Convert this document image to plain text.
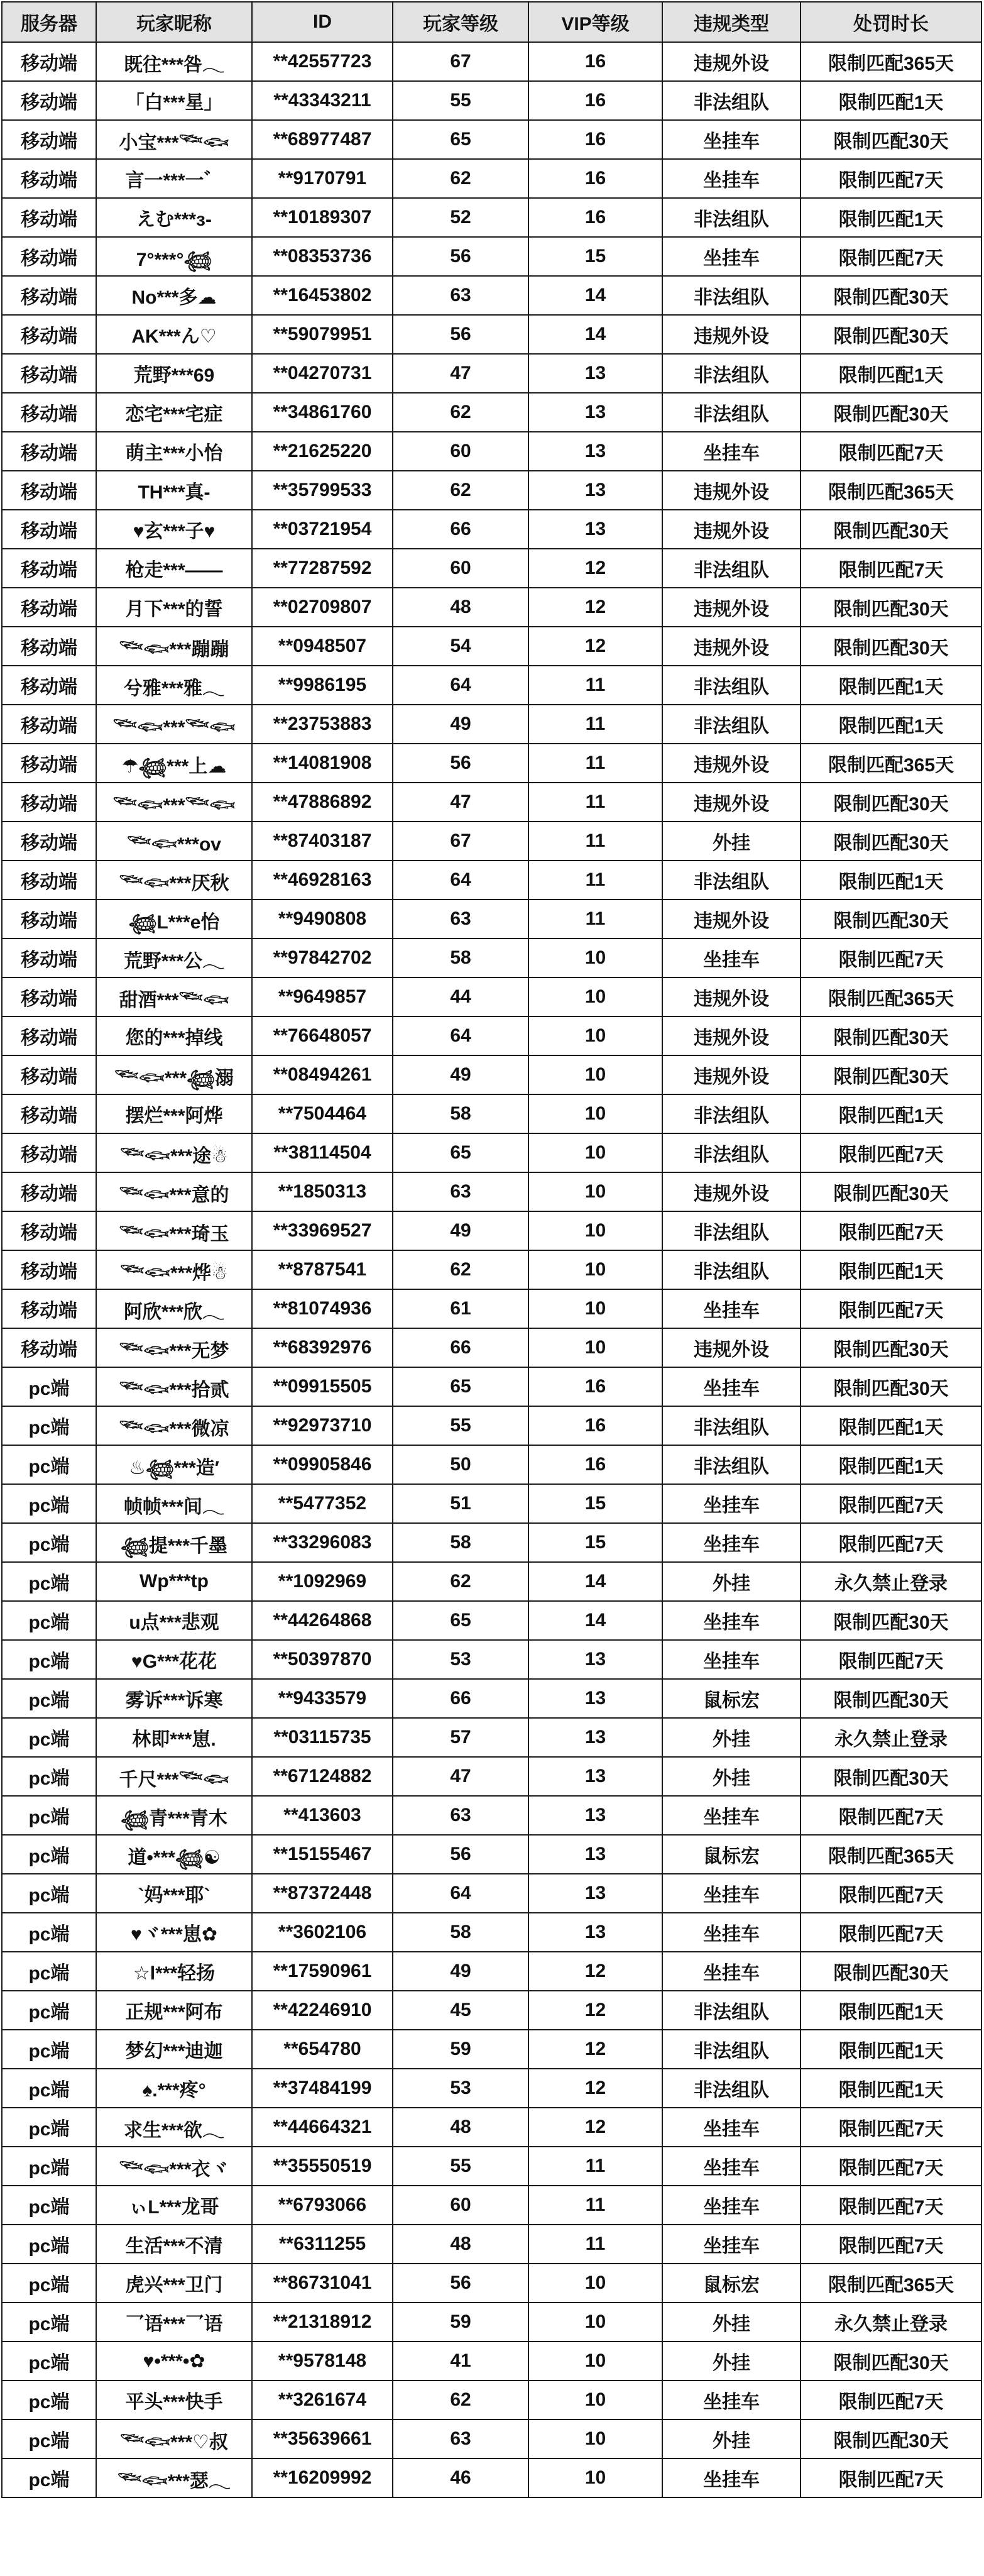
服务器	玩家昵称	ID	玩家等级	VIP等级	违规类型	处罚时长
移动端	既往***咎𓂃	**42557723	67	16	违规外设	限制匹配365天
移动端	「白***星」	**43343211	55	16	非法组队	限制匹配1天
移动端	小宝***𓆝𓆟	**68977487	65	16	坐挂车	限制匹配30天
移动端	言一***一゛	**9170791	62	16	坐挂车	限制匹配7天
移动端	えむ***з-	**10189307	52	16	非法组队	限制匹配1天
移动端	7°***°𓆉	**08353736	56	15	坐挂车	限制匹配7天
移动端	No***多☁	**16453802	63	14	非法组队	限制匹配30天
移动端	AK***ん♡	**59079951	56	14	违规外设	限制匹配30天
移动端	荒野***69	**04270731	47	13	非法组队	限制匹配1天
移动端	恋宅***宅症	**34861760	62	13	非法组队	限制匹配30天
移动端	萌主***小怡	**21625220	60	13	坐挂车	限制匹配7天
移动端	TH***真-	**35799533	62	13	违规外设	限制匹配365天
移动端	♥玄***子♥	**03721954	66	13	违规外设	限制匹配30天
移动端	枪走***——	**77287592	60	12	非法组队	限制匹配7天
移动端	月下***的誓	**02709807	48	12	违规外设	限制匹配30天
移动端	𓆝𓆟***蹦蹦	**0948507	54	12	违规外设	限制匹配30天
移动端	兮雅***雅𓂃	**9986195	64	11	非法组队	限制匹配1天
移动端	𓆝𓆟***𓆝𓆟	**23753883	49	11	非法组队	限制匹配1天
移动端	☂𓆉***上☁	**14081908	56	11	违规外设	限制匹配365天
移动端	𓆝𓆟***𓆝𓆟	**47886892	47	11	违规外设	限制匹配30天
移动端	𓆝𓆟***ov	**87403187	67	11	外挂	限制匹配30天
移动端	𓆝𓆟***厌秋	**46928163	64	11	非法组队	限制匹配1天
移动端	𓆉L***e怡	**9490808	63	11	违规外设	限制匹配30天
移动端	荒野***公𓂃	**97842702	58	10	坐挂车	限制匹配7天
移动端	甜酒***𓆝𓆟	**9649857	44	10	违规外设	限制匹配365天
移动端	您的***掉线	**76648057	64	10	违规外设	限制匹配30天
移动端	𓆝𓆟***𓆉溺	**08494261	49	10	违规外设	限制匹配30天
移动端	摆烂***阿烨	**7504464	58	10	非法组队	限制匹配1天
移动端	𓆝𓆟***途☃	**38114504	65	10	非法组队	限制匹配7天
移动端	𓆝𓆟***意的	**1850313	63	10	违规外设	限制匹配30天
移动端	𓆝𓆟***琦玉	**33969527	49	10	非法组队	限制匹配7天
移动端	𓆝𓆟***烨☃	**8787541	62	10	非法组队	限制匹配1天
移动端	阿欣***欣𓂃	**81074936	61	10	坐挂车	限制匹配7天
移动端	𓆝𓆟***无梦	**68392976	66	10	违规外设	限制匹配30天
pc端	𓆝𓆟***拾贰	**09915505	65	16	坐挂车	限制匹配30天
pc端	𓆝𓆟***微凉	**92973710	55	16	非法组队	限制匹配1天
pc端	♨𓆉***造′	**09905846	50	16	非法组队	限制匹配1天
pc端	帧帧***间𓂃	**5477352	51	15	坐挂车	限制匹配7天
pc端	𓆉提***千墨	**33296083	58	15	坐挂车	限制匹配7天
pc端	Wp***tp	**1092969	62	14	外挂	永久禁止登录
pc端	u点***悲观	**44264868	65	14	坐挂车	限制匹配30天
pc端	♥G***花花	**50397870	53	13	坐挂车	限制匹配7天
pc端	雾诉***诉寒	**9433579	66	13	鼠标宏	限制匹配30天
pc端	林即***崽.	**03115735	57	13	外挂	永久禁止登录
pc端	千尺***𓆝𓆟	**67124882	47	13	外挂	限制匹配30天
pc端	𓆉青***青木	**413603	63	13	坐挂车	限制匹配7天
pc端	道•***𓆉☯	**15155467	56	13	鼠标宏	限制匹配365天
pc端	`妈***耶`	**87372448	64	13	坐挂车	限制匹配7天
pc端	♥ヾ***崽✿	**3602106	58	13	坐挂车	限制匹配7天
pc端	☆l***轻扬	**17590961	49	12	坐挂车	限制匹配30天
pc端	正规***阿布	**42246910	45	12	非法组队	限制匹配1天
pc端	梦幻***迪迦	**654780	59	12	非法组队	限制匹配1天
pc端	♠.***疼°	**37484199	53	12	非法组队	限制匹配1天
pc端	求生***欲𓂃	**44664321	48	12	坐挂车	限制匹配7天
pc端	𓆝𓆟***衣ヾ	**35550519	55	11	坐挂车	限制匹配7天
pc端	ぃL***龙哥	**6793066	60	11	坐挂车	限制匹配7天
pc端	生活***不清	**6311255	48	11	坐挂车	限制匹配7天
pc端	虎兴***卫门	**86731041	56	10	鼠标宏	限制匹配365天
pc端	乛语***乛语	**21318912	59	10	外挂	永久禁止登录
pc端	♥•***•✿	**9578148	41	10	外挂	限制匹配30天
pc端	平头***快手	**3261674	62	10	坐挂车	限制匹配7天
pc端	𓆝𓆟***♡叔	**35639661	63	10	外挂	限制匹配30天
pc端	𓆝𓆟***瑟𓂃	**16209992	46	10	坐挂车	限制匹配7天
